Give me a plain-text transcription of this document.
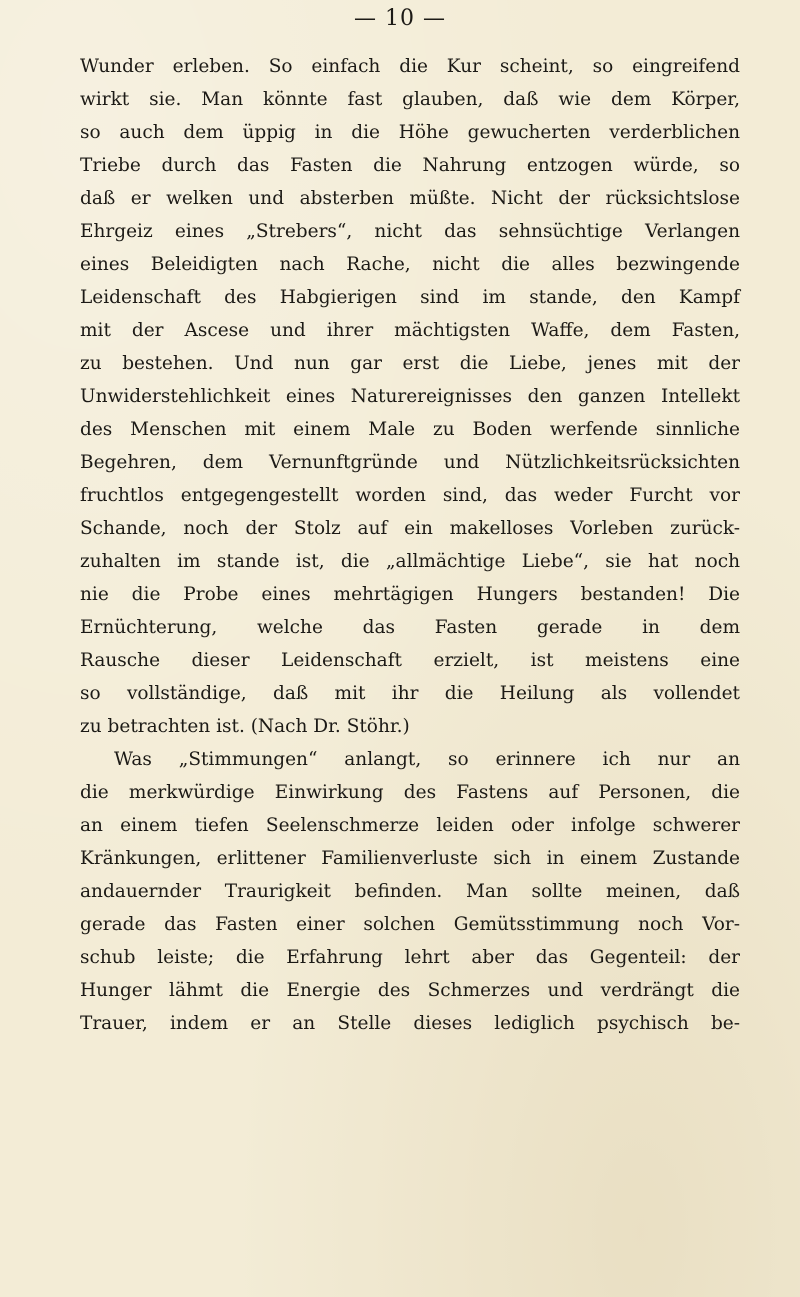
— 10 —
Wunder erleben. So einfach die Kur scheint, so eingreifend
wirkt sie. Man könnte fast glauben, daß wie dem Körper,
so auch dem üppig in die Höhe gewucherten verderblichen
Triebe durch das Fasten die Nahrung entzogen würde, so
daß er welken und absterben müßte. Nicht der rücksichtslose
Ehrgeiz eines „Strebers“, nicht das sehnsüchtige Verlangen
eines Beleidigten nach Rache, nicht die alles bezwingende
Leidenschaft des Habgierigen sind im stande, den Kampf
mit der Ascese und ihrer mächtigsten Waffe, dem Fasten,
zu bestehen. Und nun gar erst die Liebe, jenes mit der
Unwiderstehlichkeit eines Naturereignisses den ganzen Intellekt
des Menschen mit einem Male zu Boden werfende sinnliche
Begehren, dem Vernunftgründe und Nützlichkeitsrücksichten
fruchtlos entgegengestellt worden sind, das weder Furcht vor
Schande, noch der Stolz auf ein makelloses Vorleben zurück-
zuhalten im stande ist, die „allmächtige Liebe“, sie hat noch
nie die Probe eines mehrtägigen Hungers bestanden! Die
Ernüchterung, welche das Fasten gerade in dem
Rausche dieser Leidenschaft erzielt, ist meistens eine
so vollständige, daß mit ihr die Heilung als vollendet
zu betrachten ist. (Nach Dr. Stöhr.)
Was „Stimmungen“ anlangt, so erinnere ich nur an
die merkwürdige Einwirkung des Fastens auf Personen, die
an einem tiefen Seelenschmerze leiden oder infolge schwerer
Kränkungen, erlittener Familienverluste sich in einem Zustande
andauernder Traurigkeit befinden. Man sollte meinen, daß
gerade das Fasten einer solchen Gemütsstimmung noch Vor-
schub leiste; die Erfahrung lehrt aber das Gegenteil: der
Hunger lähmt die Energie des Schmerzes und verdrängt die
Trauer, indem er an Stelle dieses lediglich psychisch be-
